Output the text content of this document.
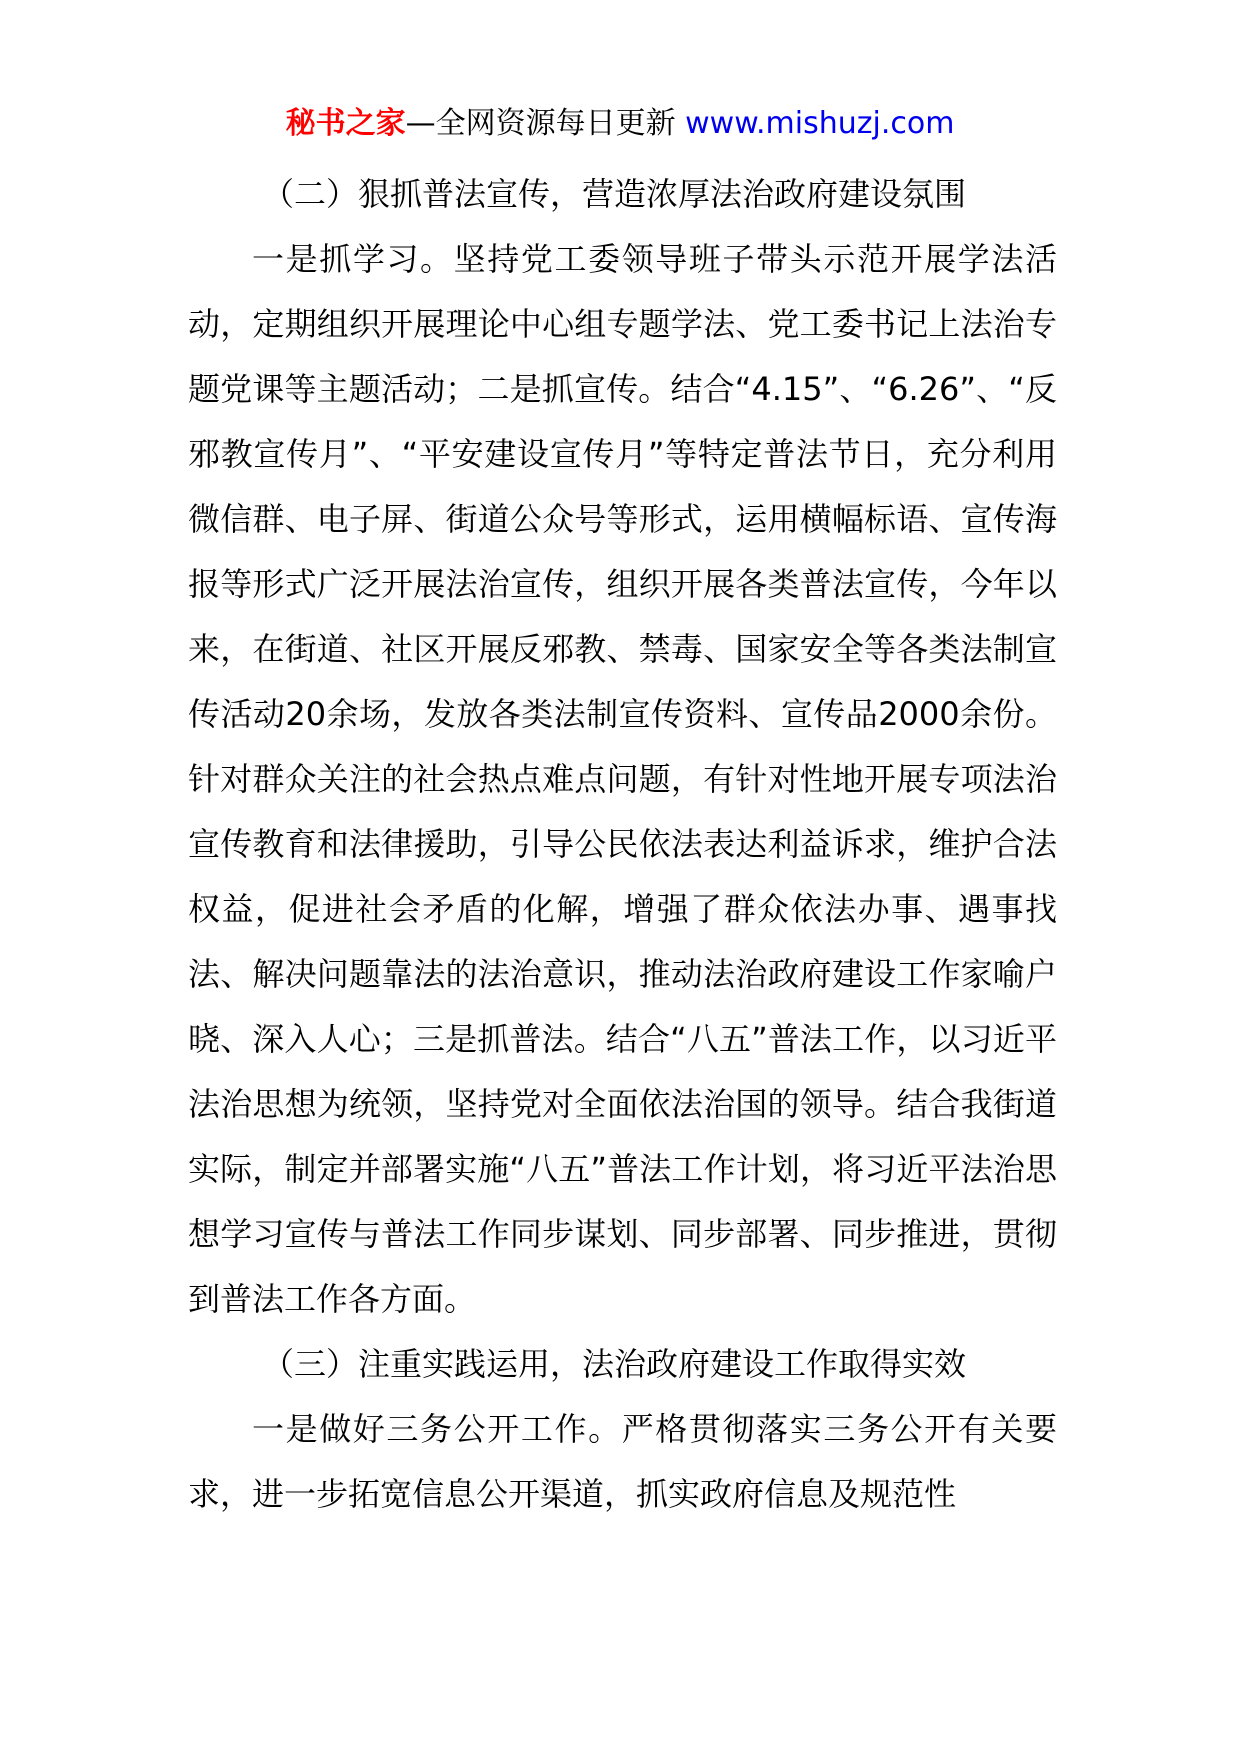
秘书之家—全网资源每日更新 www.mishuzj.com

（二）狠抓普法宣传，营造浓厚法治政府建设氛围

一是抓学习。坚持党工委领导班子带头示范开展学法活动，定期组织开展理论中心组专题学法、党工委书记上法治专题党课等主题活动；二是抓宣传。结合“4.15”、“6.26”、“反邪教宣传月”、“平安建设宣传月”等特定普法节日，充分利用微信群、电子屏、街道公众号等形式，运用横幅标语、宣传海报等形式广泛开展法治宣传，组织开展各类普法宣传，今年以来，在街道、社区开展反邪教、禁毒、国家安全等各类法制宣传活动20余场，发放各类法制宣传资料、宣传品2000余份。针对群众关注的社会热点难点问题，有针对性地开展专项法治宣传教育和法律援助，引导公民依法表达利益诉求，维护合法权益，促进社会矛盾的化解，增强了群众依法办事、遇事找法、解决问题靠法的法治意识，推动法治政府建设工作家喻户晓、深入人心；三是抓普法。结合“八五”普法工作，以习近平法治思想为统领，坚持党对全面依法治国的领导。结合我街道实际，制定并部署实施“八五”普法工作计划，将习近平法治思想学习宣传与普法工作同步谋划、同步部署、同步推进，贯彻到普法工作各方面。

（三）注重实践运用，法治政府建设工作取得实效

一是做好三务公开工作。严格贯彻落实三务公开有关要求，进一步拓宽信息公开渠道，抓实政府信息及规范性
